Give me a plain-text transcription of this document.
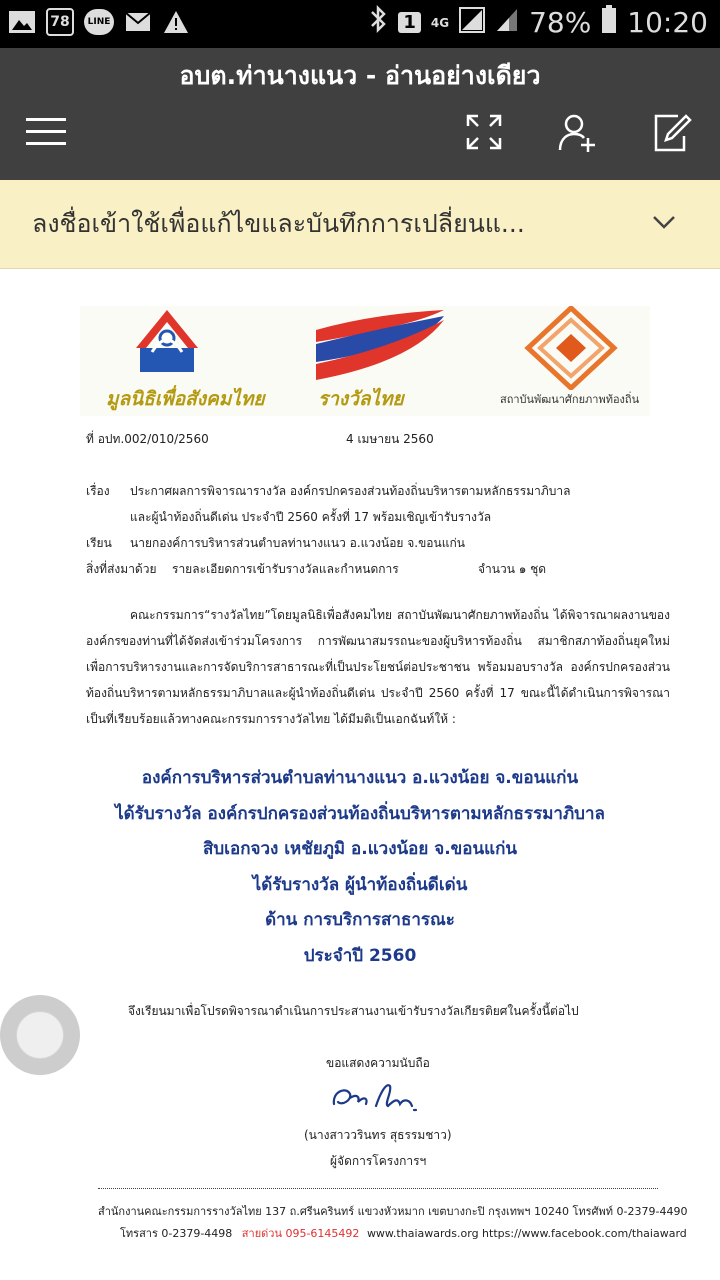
78	LINE	1	4G	78% 10:20
อบต.ท่านางแนว - อ่านอย่างเดียว
ลงชื่อเข้าใช้เพื่อแก้ไขและบันทึกการเปลี่ยนแ...
มูลนิธิเพื่อสังคมไทย	รางวัลไทย	สถาบันพัฒนาศักยภาพท้องถิ่น
ที่ อปท.002/010/2560	4 เมษายน 2560
เรื่อง ประกาศผลการพิจารณารางวัล องค์กรปกครองส่วนท้องถิ่นบริหารตามหลักธรรมาภิบาล
และผู้นำท้องถิ่นดีเด่น ประจำปี 2560 ครั้งที่ 17 พร้อมเชิญเข้ารับรางวัล
เรียน นายกองค์การบริหารส่วนตำบลท่านางแนว อ.แวงน้อย จ.ขอนแก่น
สิ่งที่ส่งมาด้วย รายละเอียดการเข้ารับรางวัลและกำหนดการ	จำนวน ๑ ชุด
คณะกรรมการ“รางวัลไทย”โดยมูลนิธิเพื่อสังคมไทย สถาบันพัฒนาศักยภาพท้องถิ่น ได้พิจารณาผลงานของ
องค์กรของท่านที่ได้จัดส่งเข้าร่วมโครงการ การพัฒนาสมรรถนะของผู้บริหารท้องถิ่น สมาชิกสภาท้องถิ่นยุคใหม่
เพื่อการบริหารงานและการจัดบริการสาธารณะที่เป็นประโยชน์ต่อประชาชน พร้อมมอบรางวัล องค์กรปกครองส่วน
ท้องถิ่นบริหารตามหลักธรรมาภิบาลและผู้นำท้องถิ่นดีเด่น ประจำปี 2560 ครั้งที่ 17 ขณะนี้ได้ดำเนินการพิจารณา
เป็นที่เรียบร้อยแล้วทางคณะกรรมการรางวัลไทย ได้มีมติเป็นเอกฉันท์ให้ :
องค์การบริหารส่วนตำบลท่านางแนว อ.แวงน้อย จ.ขอนแก่น
ได้รับรางวัล องค์กรปกครองส่วนท้องถิ่นบริหารตามหลักธรรมาภิบาล
สิบเอกจวง เหชัยภูมิ อ.แวงน้อย จ.ขอนแก่น
ได้รับรางวัล ผู้นำท้องถิ่นดีเด่น
ด้าน การบริการสาธารณะ
ประจำปี 2560
จึงเรียนมาเพื่อโปรดพิจารณาดำเนินการประสานงานเข้ารับรางวัลเกียรติยศในครั้งนี้ต่อไป
ขอแสดงความนับถือ
(นางสาววรินทร สุธรรมชาว)
ผู้จัดการโครงการฯ
สำนักงานคณะกรรมการรางวัลไทย 137 ถ.ศรีนครินทร์ แขวงหัวหมาก เขตบางกะปิ กรุงเทพฯ 10240 โทรศัพท์ 0-2379-4490
โทรสาร 0-2379-4498 สายด่วน 095-6145492 www.thaiawards.org https://www.facebook.com/thaiaward
